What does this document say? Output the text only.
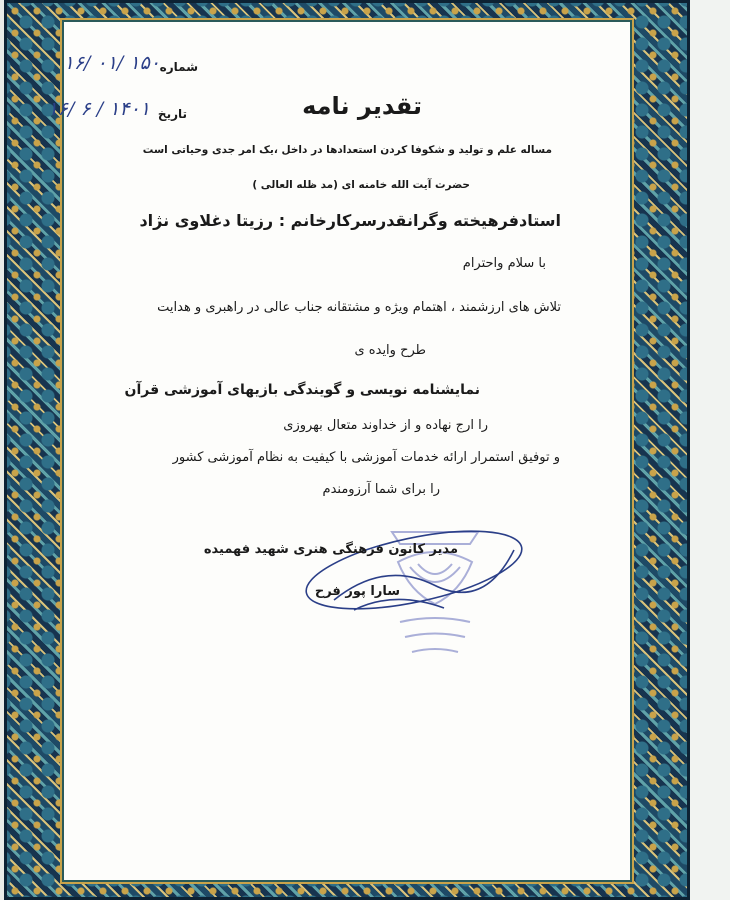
شماره
۱۵۰ /۰۱ /۱۶
تاریخ
۱۴۰۱ / ۶ /۱۶	تقدیر نامه
مساله علم و تولید و شکوفا کردن استعدادها در داخل ،یک امر جدی وحیاتی است
حضرت آیت الله خامنه ای (مد ظله العالی )
استادفرهیخته وگرانقدرسرکارخانم : رزیتا دغلاوی نژاد
با سلام واحترام
تلاش های ارزشمند ، اهتمام ویژه و مشتقانه جناب عالی در راهبری و هدایت
طرح وایده ی
نمایشنامه نویسی و گویندگی بازیهای آموزشی قرآن
را ارج نهاده و از خداوند متعال بهروزی
و توفیق استمرار ارائه خدمات آموزشی با کیفیت به نظام آموزشی کشور
را برای شما آرزومندم
مدیر کانون فرهنگی هنری شهید فهمیده
سارا پور فرح
